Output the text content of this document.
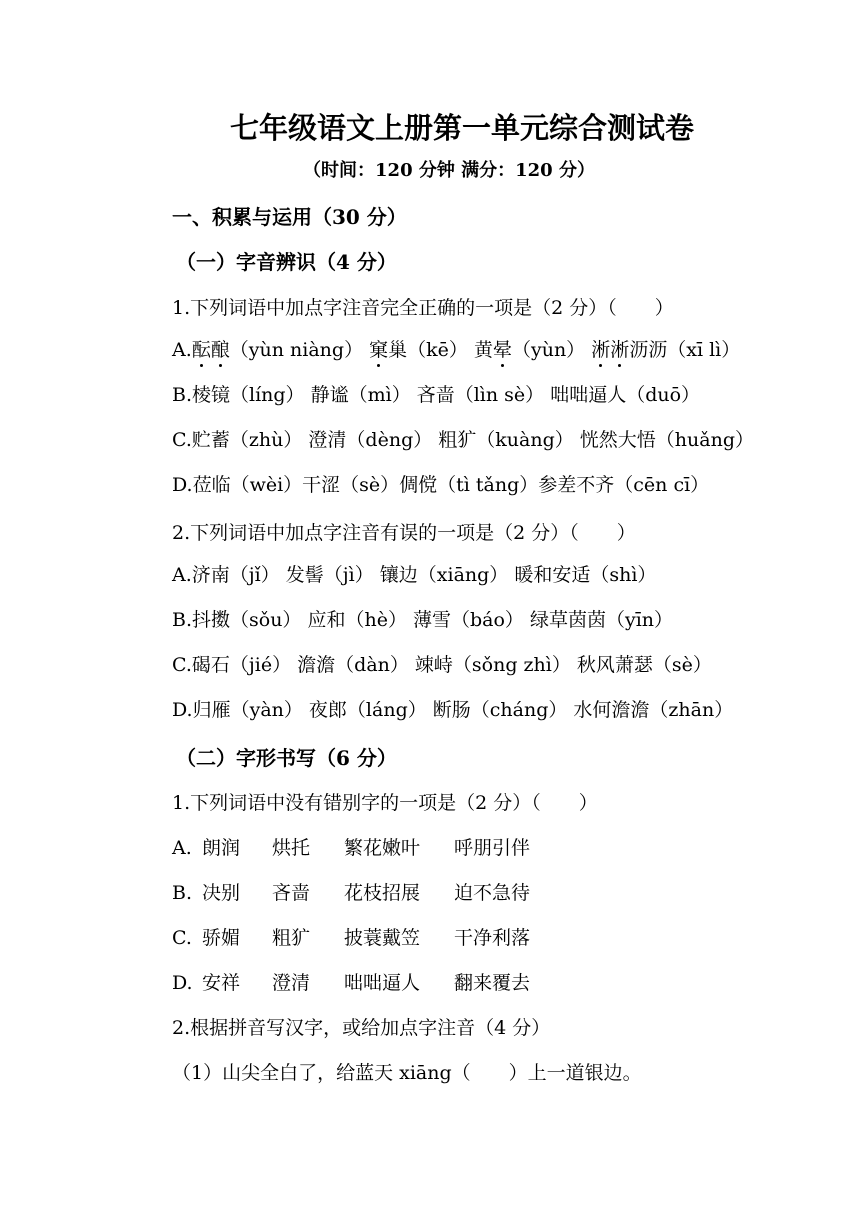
七年级语文上册第一单元综合测试卷
（时间：120 分钟 满分：120 分）
一、积累与运用（30 分）
（一）字音辨识（4 分）
1.下列词语中加点字注音完全正确的一项是（2 分）（　　）
A.酝酿（yùn niàng） 窠巢（kē） 黄晕（yùn） 淅淅沥沥（xī lì）
B.棱镜（líng） 静谧（mì） 吝啬（lìn sè） 咄咄逼人（duō）
C.贮蓄（zhù） 澄清（dèng） 粗犷（kuàng） 恍然大悟（huǎng）
D.莅临（wèi）干涩（sè）倜傥（tì tǎng）参差不齐（cēn cī）
2.下列词语中加点字注音有误的一项是（2 分）（　　）
A.济南（jǐ） 发髻（jì） 镶边（xiāng） 暖和安适（shì）
B.抖擞（sǒu） 应和（hè） 薄雪（báo） 绿草茵茵（yīn）
C.碣石（jié） 澹澹（dàn） 竦峙（sǒng zhì） 秋风萧瑟（sè）
D.归雁（yàn） 夜郎（láng） 断肠（cháng） 水何澹澹（zhān）
（二）字形书写（6 分）
1.下列词语中没有错别字的一项是（2 分）（　　）
A. 朗润 烘托 繁花嫩叶 呼朋引伴
B. 决别 吝啬 花枝招展 迫不急待
C. 骄媚 粗犷 披蓑戴笠 干净利落
D. 安祥 澄清 咄咄逼人 翻来覆去
2.根据拼音写汉字，或给加点字注音（4 分）
（1）山尖全白了，给蓝天 xiāng（　　）上一道银边。
